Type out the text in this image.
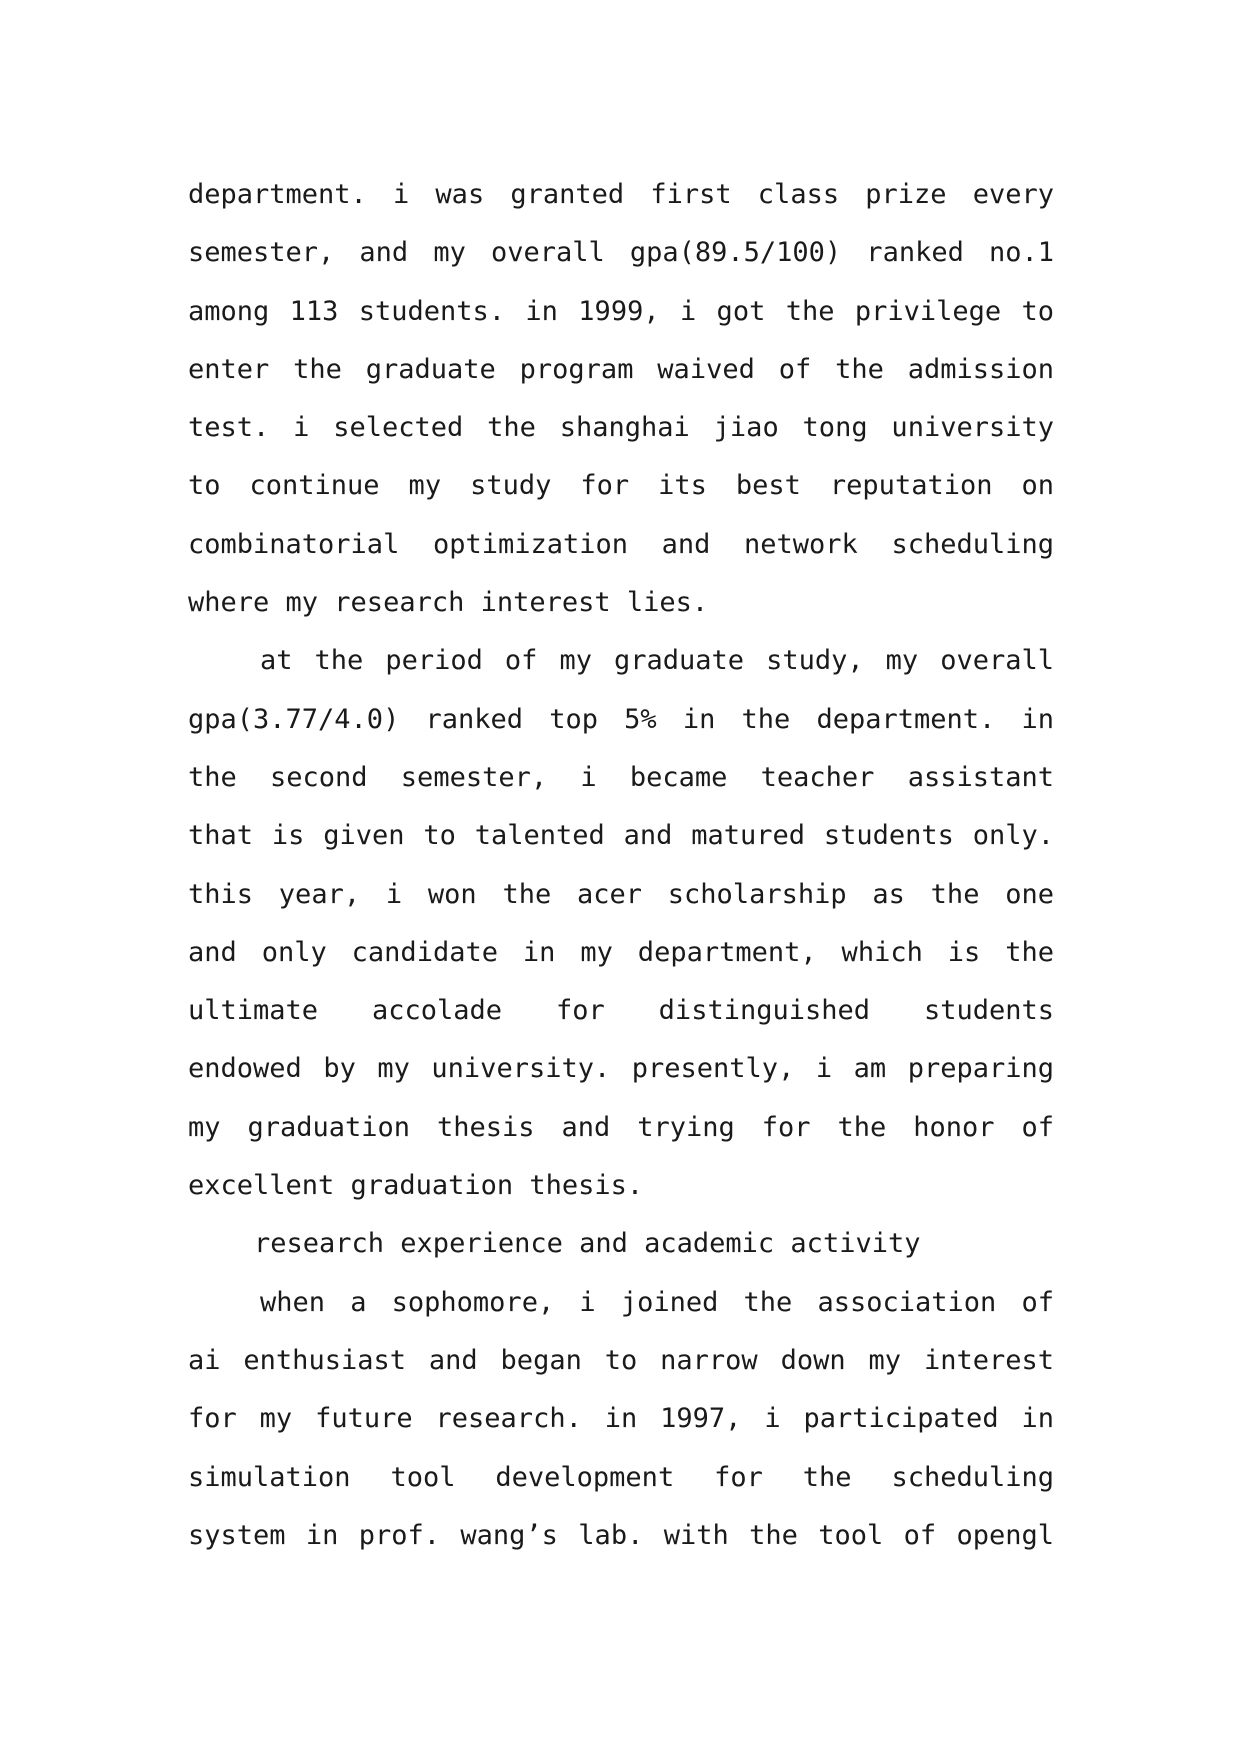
department. i was granted first class prize every
semester, and my overall gpa(89.5/100) ranked no.1
among 113 students. in 1999, i got the privilege to
enter the graduate program waived of the admission
test. i selected the shanghai jiao tong university
to continue my study for its best reputation on
combinatorial optimization and network scheduling
where my research interest lies.
at the period of my graduate study, my overall
gpa(3.77/4.0) ranked top 5% in the department. in
the second semester, i became teacher assistant
that is given to talented and matured students only.
this year, i won the acer scholarship as the one
and only candidate in my department, which is the
ultimate accolade for distinguished students
endowed by my university. presently, i am preparing
my graduation thesis and trying for the honor of
excellent graduation thesis.
research experience and academic activity
when a sophomore, i joined the association of
ai enthusiast and began to narrow down my interest
for my future research. in 1997, i participated in
simulation tool development for the scheduling
system in prof. wang’s lab. with the tool of opengl
